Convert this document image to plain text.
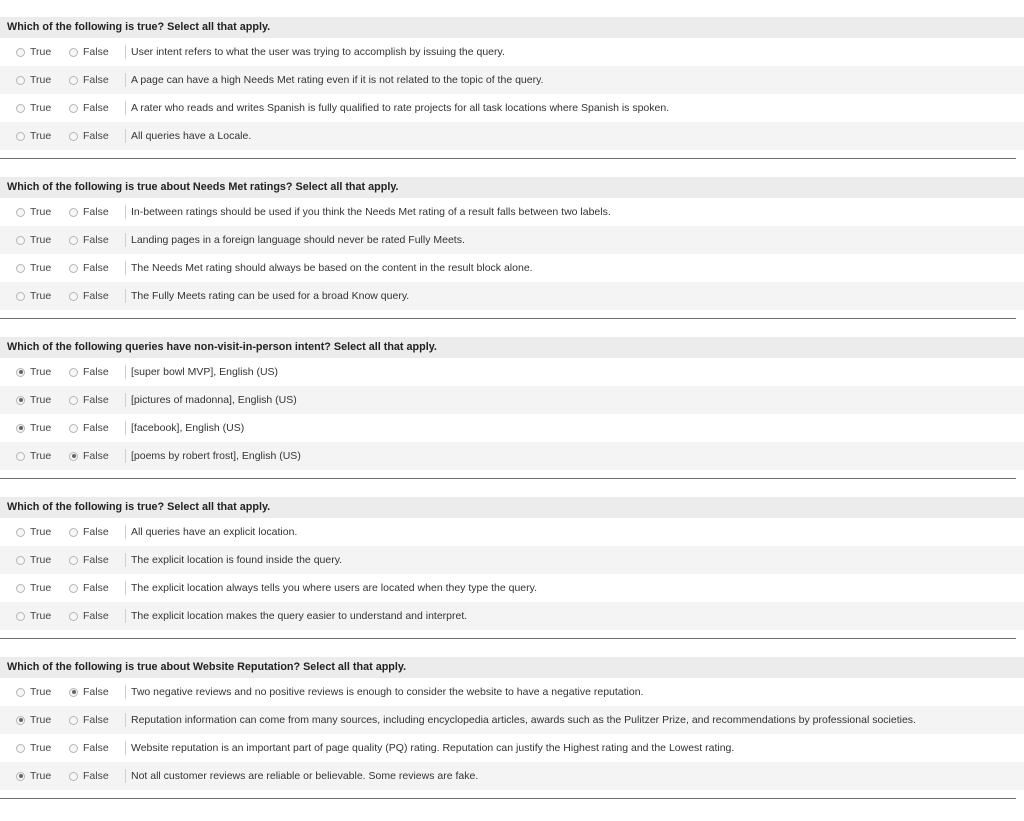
Which of the following is true? Select all that apply.
True	False User intent refers to what the user was trying to accomplish by issuing the query.
True	False A page can have a high Needs Met rating even if it is not related to the topic of the query.
True	False A rater who reads and writes Spanish is fully qualified to rate projects for all task locations where Spanish is spoken.
True	False All queries have a Locale.
Which of the following is true about Needs Met ratings? Select all that apply.
True	False In-between ratings should be used if you think the Needs Met rating of a result falls between two labels.
True	False Landing pages in a foreign language should never be rated Fully Meets.
True	False The Needs Met rating should always be based on the content in the result block alone.
True	False The Fully Meets rating can be used for a broad Know query.
Which of the following queries have non-visit-in-person intent? Select all that apply.
True	False [super bowl MVP], English (US)
True	False [pictures of madonna], English (US)
True	False [facebook], English (US)
True	False [poems by robert frost], English (US)
Which of the following is true? Select all that apply.
True	False All queries have an explicit location.
True	False The explicit location is found inside the query.
True	False The explicit location always tells you where users are located when they type the query.
True	False The explicit location makes the query easier to understand and interpret.
Which of the following is true about Website Reputation? Select all that apply.
True	False Two negative reviews and no positive reviews is enough to consider the website to have a negative reputation.
True	False Reputation information can come from many sources, including encyclopedia articles, awards such as the Pulitzer Prize, and recommendations by professional societies.
True	False Website reputation is an important part of page quality (PQ) rating. Reputation can justify the Highest rating and the Lowest rating.
True	False Not all customer reviews are reliable or believable. Some reviews are fake.
